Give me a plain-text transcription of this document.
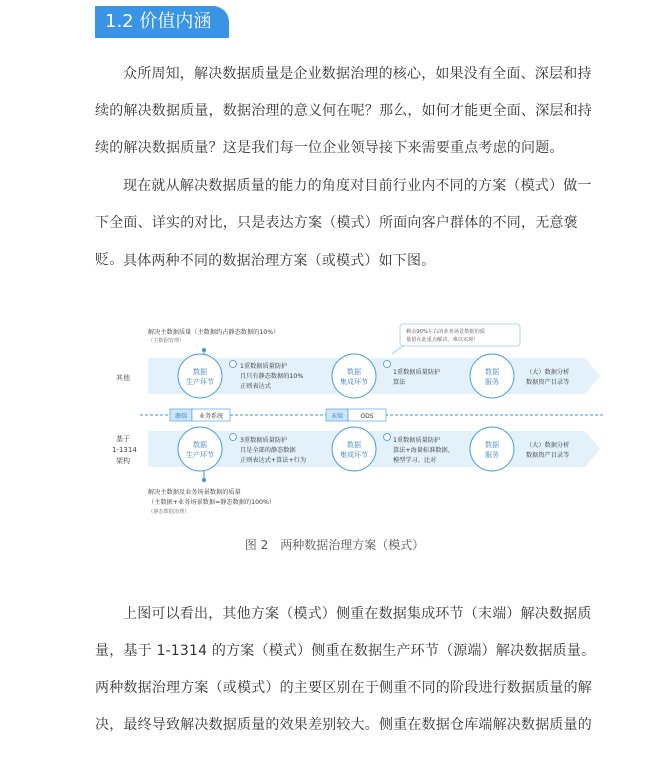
1.2 价值内涵

众所周知，解决数据质量是企业数据治理的核心，如果没有全面、深层和持续的解决数据质量，数据治理的意义何在呢？那么，如何才能更全面、深层和持续的解决数据质量？这是我们每一位企业领导接下来需要重点考虑的问题。

现在就从解决数据质量的能力的角度对目前行业内不同的方案（模式）做一下全面、详实的对比，只是表达方案（模式）所面向客户群体的不同，无意褒贬。 具体两种不同的数据治理方案（或模式）如下图。

解决主数据质量（主数据约占静态数据的10%）
（主数据管理）
剩余90%左右的业务场景数据的质
量留在此重点解决，难以实现！
其他
基于
1-1314
架构
数据
生产环节
数据
集成环节
数据
服务
1重数据质量防护
且只有静态数据的10%
正则表达式
1重数据质量防护
算法
（大）数据分析
数据资产目录等
源端 业务系统	末端	ODS
数据
生产环节
数据
集成环节
数据
服务
3重数据质量防护
且是全部的静态数据
正则表达式+算法+行为
1重数据质量防护
算法+海量标准数据、
模型学习、比对
（大）数据分析
数据资产目录等
解决主数据及业务场景数据的质量
（主数据+业务场景数据=静态数据的100%）
（静态数据治理）
图 2　两种数据治理方案（模式）

上图可以看出，其他方案（模式）侧重在数据集成环节（末端）解决数据质量，基于 1-1314 的方案（模式）侧重在数据生产环节（源端）解决数据质量。两种数据治理方案（或模式）的主要区别在于侧重不同的阶段进行数据质量的解决，最终导致解决数据质量的效果差别较大。侧重在数据仓库端解决数据质量的
